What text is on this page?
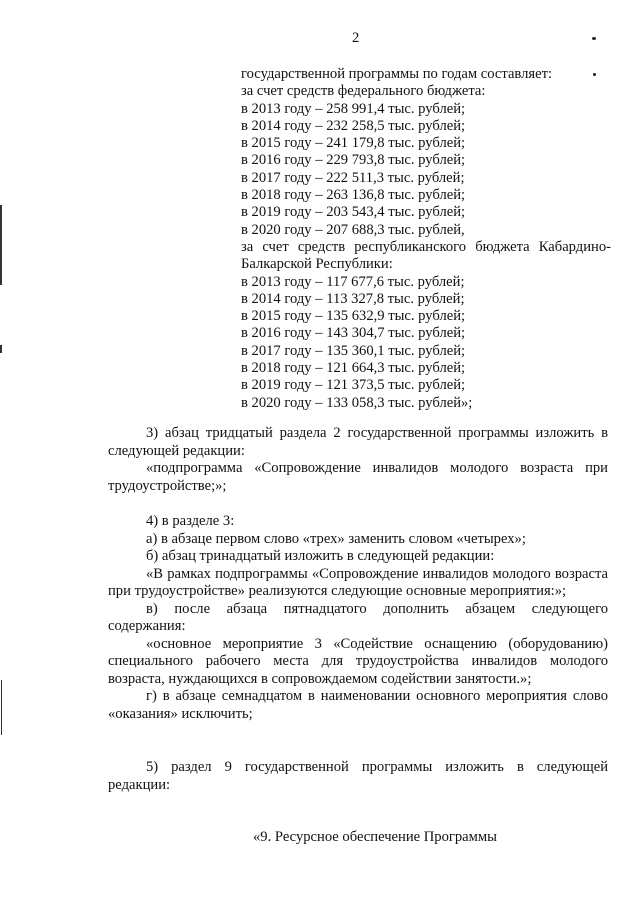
2
государственной программы по годам составляет:
за счет средств федерального бюджета:
в 2013 году – 258 991,4 тыс. рублей;
в 2014 году – 232 258,5 тыс. рублей;
в 2015 году – 241 179,8 тыс. рублей;
в 2016 году – 229 793,8 тыс. рублей;
в 2017 году – 222 511,3 тыс. рублей;
в 2018 году – 263 136,8 тыс. рублей;
в 2019 году – 203 543,4 тыс. рублей;
в 2020 году – 207 688,3 тыс. рублей,
за счет средств республиканского бюджета Кабардино-Балкарской Республики:
в 2013 году – 117 677,6 тыс. рублей;
в 2014 году – 113 327,8 тыс. рублей;
в 2015 году – 135 632,9 тыс. рублей;
в 2016 году – 143 304,7 тыс. рублей;
в 2017 году – 135 360,1 тыс. рублей;
в 2018 году – 121 664,3 тыс. рублей;
в 2019 году – 121 373,5 тыс. рублей;
в 2020 году – 133 058,3 тыс. рублей»;
3) абзац тридцатый раздела 2 государственной программы изложить в следующей редакции:
«подпрограмма «Сопровождение инвалидов молодого возраста при трудоустройстве;»;
4) в разделе 3:
а) в абзаце первом слово «трех» заменить словом «четырех»;
б) абзац тринадцатый изложить в следующей редакции:
«В рамках подпрограммы «Сопровождение инвалидов молодого возраста при трудоустройстве» реализуются следующие основные мероприятия:»;
в) после абзаца пятнадцатого дополнить абзацем следующего содержания:
«основное мероприятие 3 «Содействие оснащению (оборудованию) специального рабочего места для трудоустройства инвалидов молодого возраста, нуждающихся в сопровождаемом содействии занятости.»;
г) в абзаце семнадцатом в наименовании основного мероприятия слово «оказания» исключить;
5) раздел 9 государственной программы изложить в следующей редакции:
«9. Ресурсное обеспечение Программы
